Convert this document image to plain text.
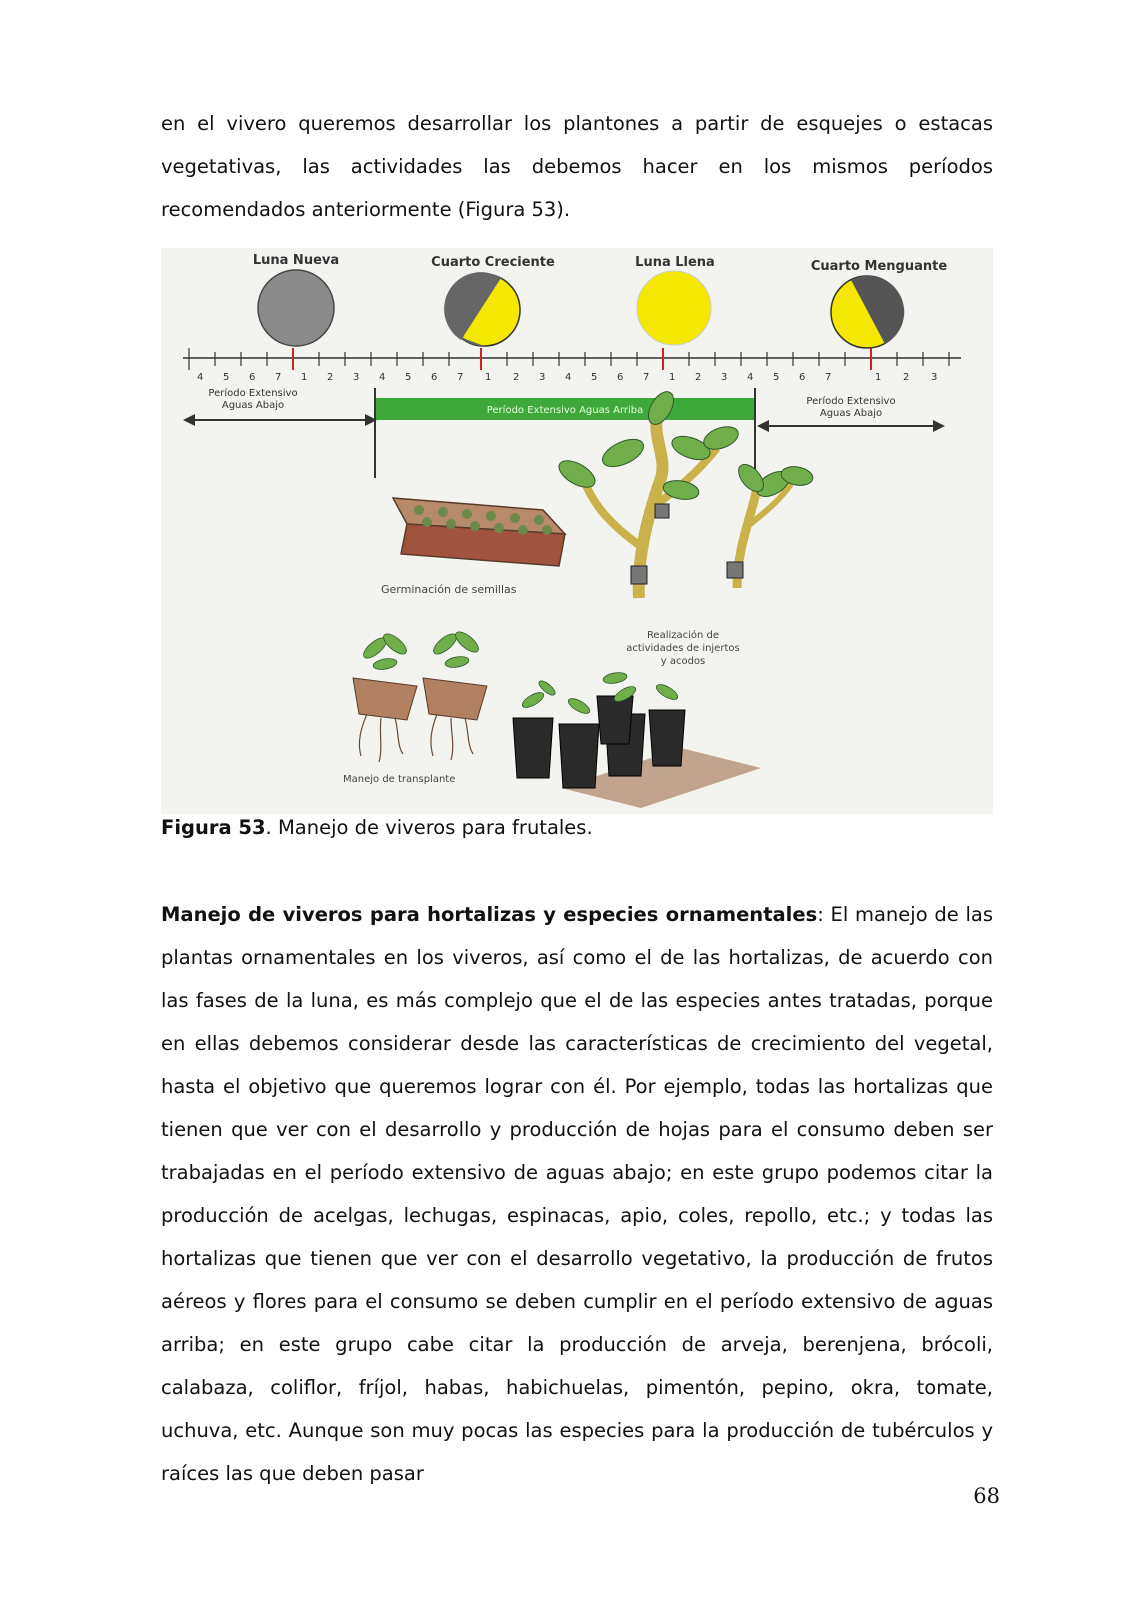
en el vivero queremos desarrollar los plantones a partir de esquejes o estacas vegetativas, las actividades las debemos hacer en los mismos períodos recomendados anteriormente (Figura 53).

Luna Nueva	Cuarto Creciente	Luna Llena	Cuarto Menguante
4 5 6 7 1 2 3 4 5 6 7 1 2 3 4 5 6 7 1 2 3 4 5 6 7	1 2 3
Período Extensivo
Aguas Abajo	Período Extensivo Aguas Arriba
Período Extensivo
Aguas Abajo
Germinación de semillas
Realización de
actividades de injertos
y acodos
Manejo de transplante

Figura 53. Manejo de viveros para frutales.

Manejo de viveros para hortalizas y especies ornamentales: El manejo de las plantas ornamentales en los viveros, así como el de las hortalizas, de acuerdo con las fases de la luna, es más complejo que el de las especies antes tratadas, porque en ellas debemos considerar desde las características de crecimiento del vegetal, hasta el objetivo que queremos lograr con él. Por ejemplo, todas las hortalizas que tienen que ver con el desarrollo y producción de hojas para el consumo deben ser trabajadas en el período extensivo de aguas abajo; en este grupo podemos citar la producción de acelgas, lechugas, espinacas, apio, coles, repollo, etc.; y todas las hortalizas que tienen que ver con el desarrollo vegetativo, la producción de frutos aéreos y flores para el consumo se deben cumplir en el período extensivo de aguas arriba; en este grupo cabe citar la producción de arveja, berenjena, brócoli, calabaza, coliflor, fríjol, habas, habichuelas, pimentón, pepino, okra, tomate, uchuva, etc. Aunque son muy pocas las especies para la producción de tubérculos y raíces las que deben pasar

68
